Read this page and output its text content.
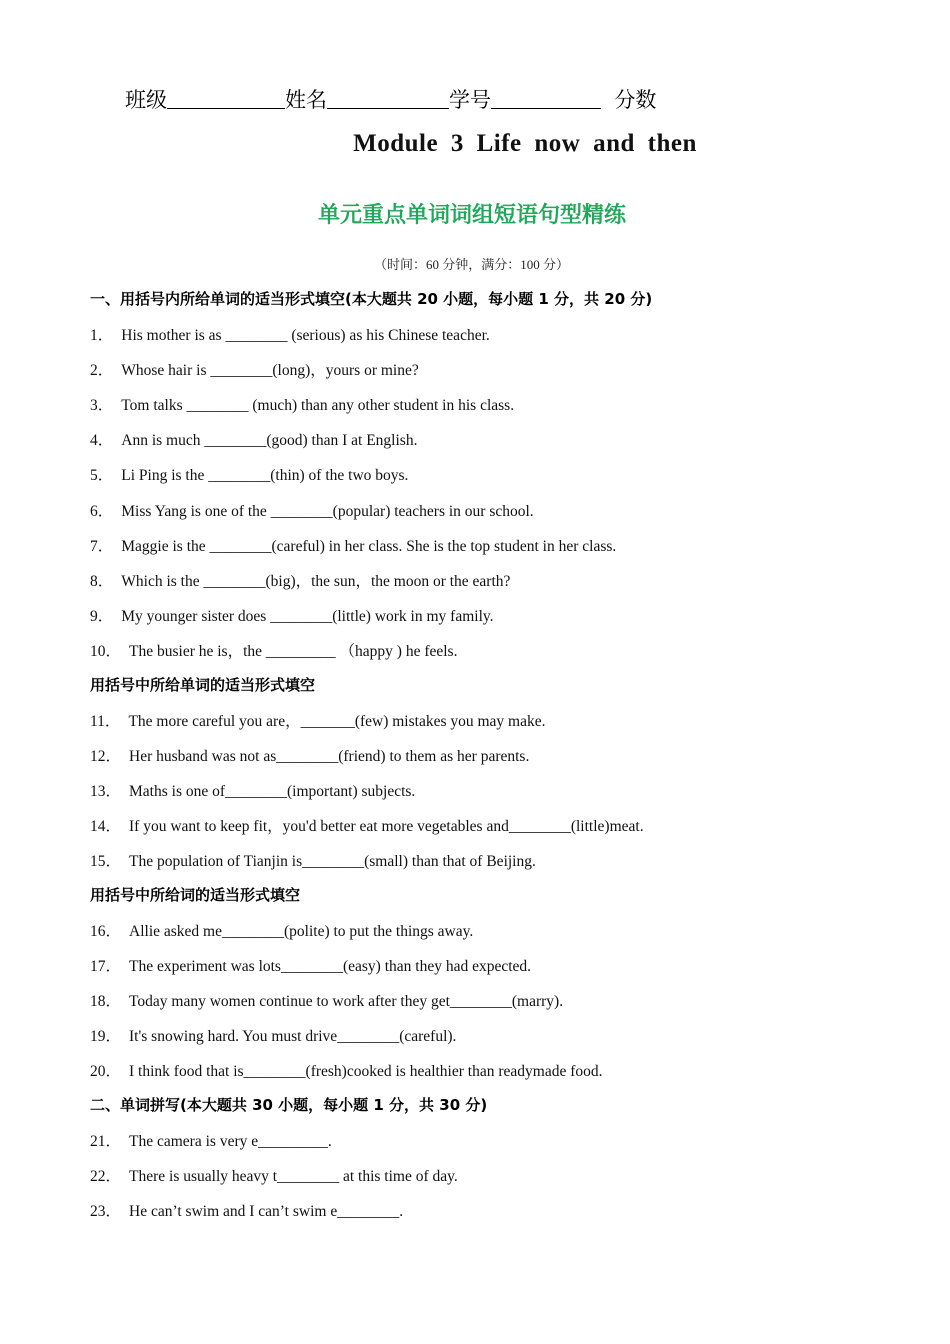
班级	姓名	学号	分数
Module 3 Life now and then
单元重点单词词组短语句型精练
（时间：60 分钟，满分：100 分）
一、用括号内所给单词的适当形式填空(本大题共 20 小题，每小题 1 分，共 20 分)
用括号中所给单词的适当形式填空
用括号中所给词的适当形式填空
二、单词拼写(本大题共 30 小题，每小题 1 分，共 30 分)
1． His mother is as ________ (serious) as his Chinese teacher.
2． Whose hair is ________(long)，yours or mine?
3． Tom talks ________ (much) than any other student in his class.
4． Ann is much ________(good) than I at English.
5． Li Ping is the ________(thin) of the two boys.
6． Miss Yang is one of the ________(popular) teachers in our school.
7． Maggie is the ________(careful) in her class. She is the top student in her class.
8． Which is the ________(big)，the sun，the moon or the earth?
9． My younger sister does ________(little) work in my family.
10． The busier he is，the _________ （happy ) he feels.
11． The more careful you are，_______(few) mistakes you may make.
12． Her husband was not as________(friend) to them as her parents.
13． Maths is one of________(important) subjects.
14． If you want to keep fit，you'd better eat more vegetables and________(little)meat.
15． The population of Tianjin is________(small) than that of Beijing.
16． Allie asked me________(polite) to put the things away.
17． The experiment was lots________(easy) than they had expected.
18． Today many women continue to work after they get________(marry).
19． It's snowing hard. You must drive________(careful).
20． I think food that is________(fresh)cooked is healthier than readymade food.
21． The camera is very e_________.
22． There is usually heavy t________ at this time of day.
23． He can’t swim and I can’t swim e________.
